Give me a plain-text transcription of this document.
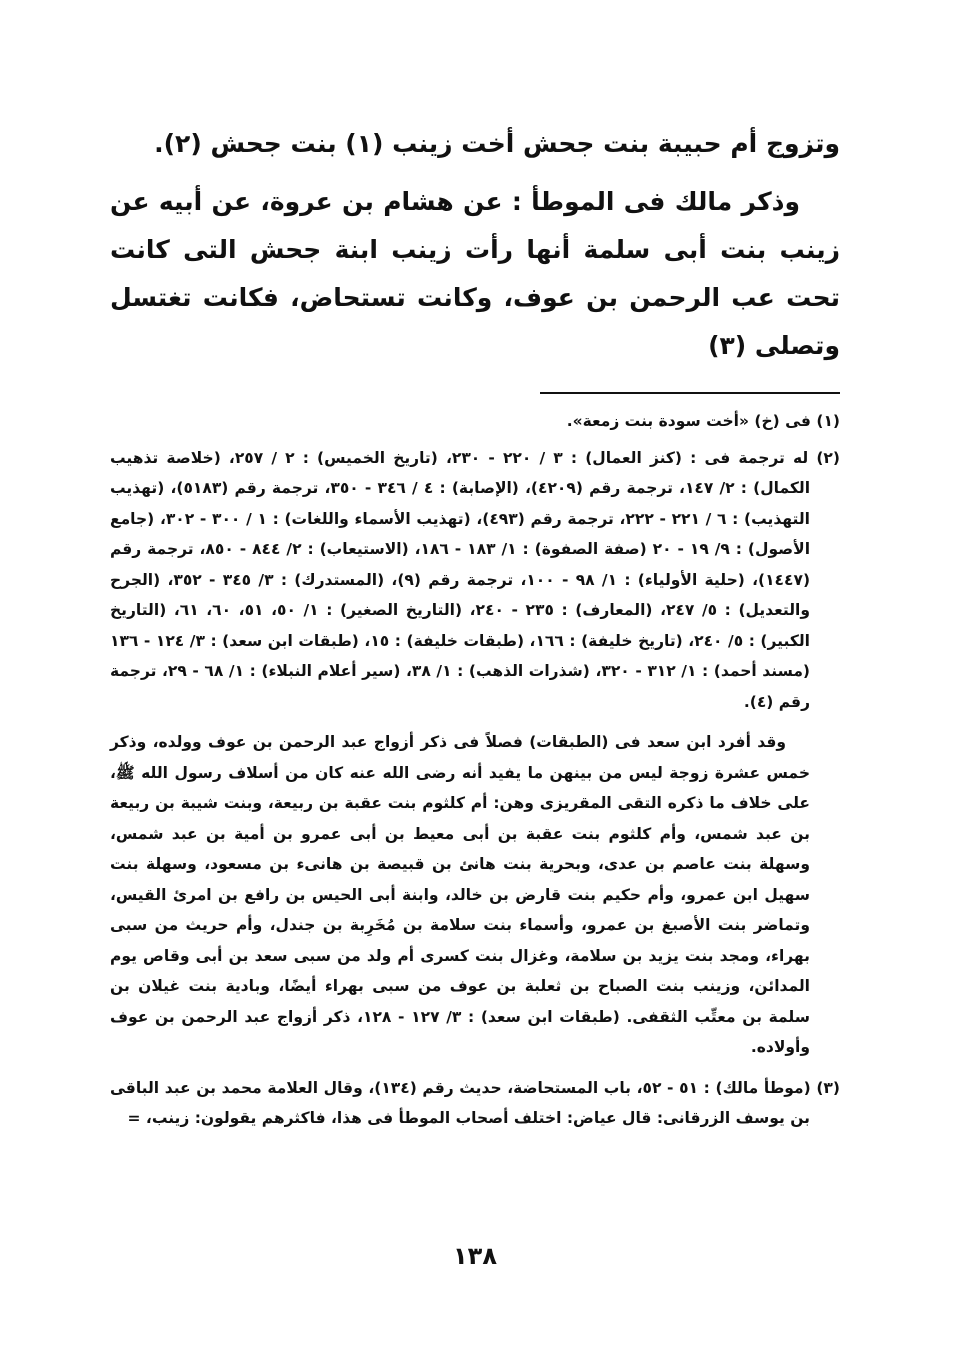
وتزوج أم حبيبة بنت جحش أخت زينب (١) بنت جحش (٢).

وذكر مالك فى الموطأ : عن هشام بن عروة، عن أبيه عن زينب بنت أبى سلمة أنها رأت زينب ابنة جحش التى كانت تحت عب الرحمن بن عوف، وكانت تستحاض، فكانت تغتسل وتصلى (٣)

(١) فى (خ) «أخت سودة بنت زمعة».

(٢) له ترجمة فى : (كنز العمال) : ٣ / ٢٢٠ - ٢٣٠، (تاريخ الخميس) : ٢ / ٢٥٧، (خلاصة تذهيب الكمال) : ٢/ ١٤٧، ترجمة رقم (٤٢٠٩)، (الإصابة) : ٤ / ٣٤٦ - ٣٥٠، ترجمة رقم (٥١٨٣)، (تهذيب التهذيب) : ٦ / ٢٢١ - ٢٢٢، ترجمة رقم (٤٩٣)، (تهذيب الأسماء واللغات) : ١ / ٣٠٠ - ٣٠٢، (جامع الأصول) : ٩/ ١٩ - ٢٠ (صفة الصفوة) : ١/ ١٨٣ - ١٨٦، (الاستيعاب) : ٢/ ٨٤٤ - ٨٥٠، ترجمة رقم (١٤٤٧)، (حلية الأولياء) : ١/ ٩٨ - ١٠٠، ترجمة رقم (٩)، (المستدرك) : ٣/ ٣٤٥ - ٣٥٢، (الجرح والتعديل) : ٥/ ٢٤٧، (المعارف) : ٢٣٥ - ٢٤٠، (التاريخ الصغير) : ١/ ٥٠، ٥١، ٦٠، ٦١، (التاريخ الكبير) : ٥/ ٢٤٠، (تاريخ خليفة) : ١٦٦، (طبقات خليفة) : ١٥، (طبقات ابن سعد) : ٣/ ١٢٤ - ١٣٦ (مسند أحمد) : ١/ ٣١٢ - ٣٢٠، (شذرات الذهب) : ١/ ٣٨، (سير أعلام النبلاء) : ١/ ٦٨ - ٢٩، ترجمة رقم (٤).

وقد أفرد ابن سعد فى (الطبقات) فصلاً فى ذكر أزواج عبد الرحمن بن عوف وولده، وذكر خمس عشرة زوجة ليس من بينهن ما يفيد أنه رضى الله عنه كان من أسلاف رسول الله ﷺ، على خلاف ما ذكره التقى المقريزى وهن: أم كلثوم بنت عقبة بن ربيعة، وبنت شيبة بن ربيعة بن عبد شمس، وأم كلثوم بنت عقبة بن أبى معيط بن أبى عمرو بن أمية بن عبد شمس، وسهلة بنت عاصم بن عدى، وبحرية بنت هانئ بن قبيصة بن هانىء بن مسعود، وسهلة بنت سهيل ابن عمرو، وأم حكيم بنت قارض بن خالد، وابنة أبى الحيس بن رافع بن امرئ القيس، وتماضر بنت الأصبغ بن عمرو، وأسماء بنت سلامة بن مُخَرِبة بن جندل، وأم حريث من سبى بهراء، ومجد بنت يزيد بن سلامة، وغزال بنت كسرى أم ولد من سبى سعد بن أبى وقاص يوم المدائن، وزينب بنت الصباح بن ثعلبة بن عوف من سبى بهراء أيضًا، وبادية بنت غيلان بن سلمة بن معتِّب الثقفى. (طبقات ابن سعد) : ٣/ ١٢٧ - ١٢٨، ذكر أزواج عبد الرحمن بن عوف وأولاده.

(٣) (موطأ مالك) : ٥١ - ٥٢، باب المستحاضة، حديث رقم (١٣٤)، وقال العلامة محمد بن عبد الباقى بن يوسف الزرقانى: قال عياض: اختلف أصحاب الموطأ فى هذا، فاكثرهم يقولون: زينب، =

١٣٨
